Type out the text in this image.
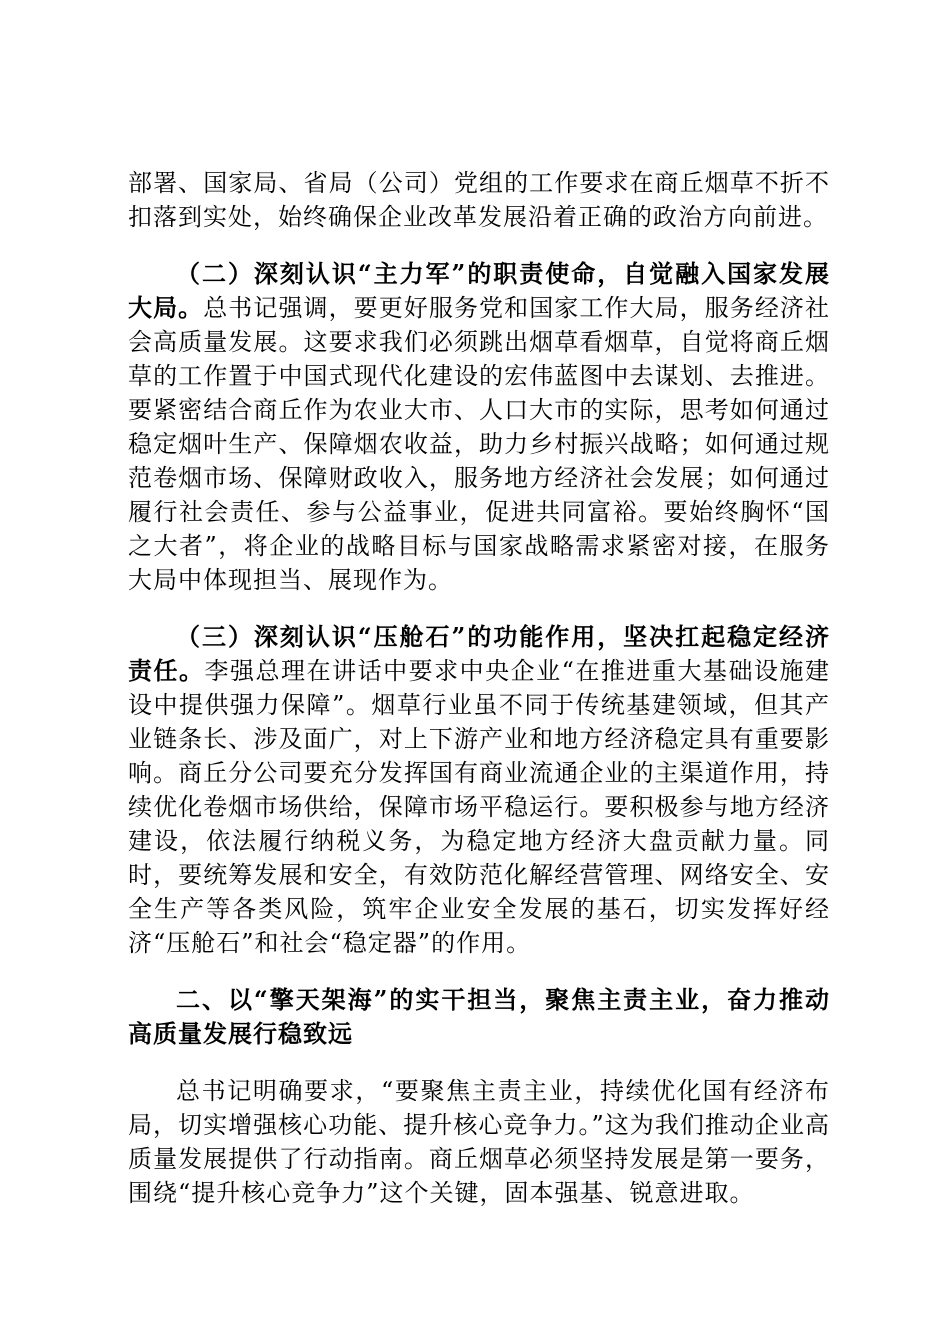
部署、国家局、省局（公司）党组的工作要求在商丘烟草不折不扣落到实处，始终确保企业改革发展沿着正确的政治方向前进。

（二）深刻认识“主力军”的职责使命，自觉融入国家发展大局。总书记强调，要更好服务党和国家工作大局，服务经济社会高质量发展。这要求我们必须跳出烟草看烟草，自觉将商丘烟草的工作置于中国式现代化建设的宏伟蓝图中去谋划、去推进。要紧密结合商丘作为农业大市、人口大市的实际，思考如何通过稳定烟叶生产、保障烟农收益，助力乡村振兴战略；如何通过规范卷烟市场、保障财政收入，服务地方经济社会发展；如何通过履行社会责任、参与公益事业，促进共同富裕。要始终胸怀“国之大者”，将企业的战略目标与国家战略需求紧密对接，在服务大局中体现担当、展现作为。

（三）深刻认识“压舱石”的功能作用，坚决扛起稳定经济责任。李强总理在讲话中要求中央企业“在推进重大基础设施建设中提供强力保障”。烟草行业虽不同于传统基建领域，但其产业链条长、涉及面广，对上下游产业和地方经济稳定具有重要影响。商丘分公司要充分发挥国有商业流通企业的主渠道作用，持续优化卷烟市场供给，保障市场平稳运行。要积极参与地方经济建设，依法履行纳税义务，为稳定地方经济大盘贡献力量。同时，要统筹发展和安全，有效防范化解经营管理、网络安全、安全生产等各类风险，筑牢企业安全发展的基石，切实发挥好经济“压舱石”和社会“稳定器”的作用。

二、以“擎天架海”的实干担当，聚焦主责主业，奋力推动高质量发展行稳致远

总书记明确要求，“要聚焦主责主业，持续优化国有经济布局，切实增强核心功能、提升核心竞争力。”这为我们推动企业高质量发展提供了行动指南。商丘烟草必须坚持发展是第一要务，围绕“提升核心竞争力”这个关键，固本强基、锐意进取。
